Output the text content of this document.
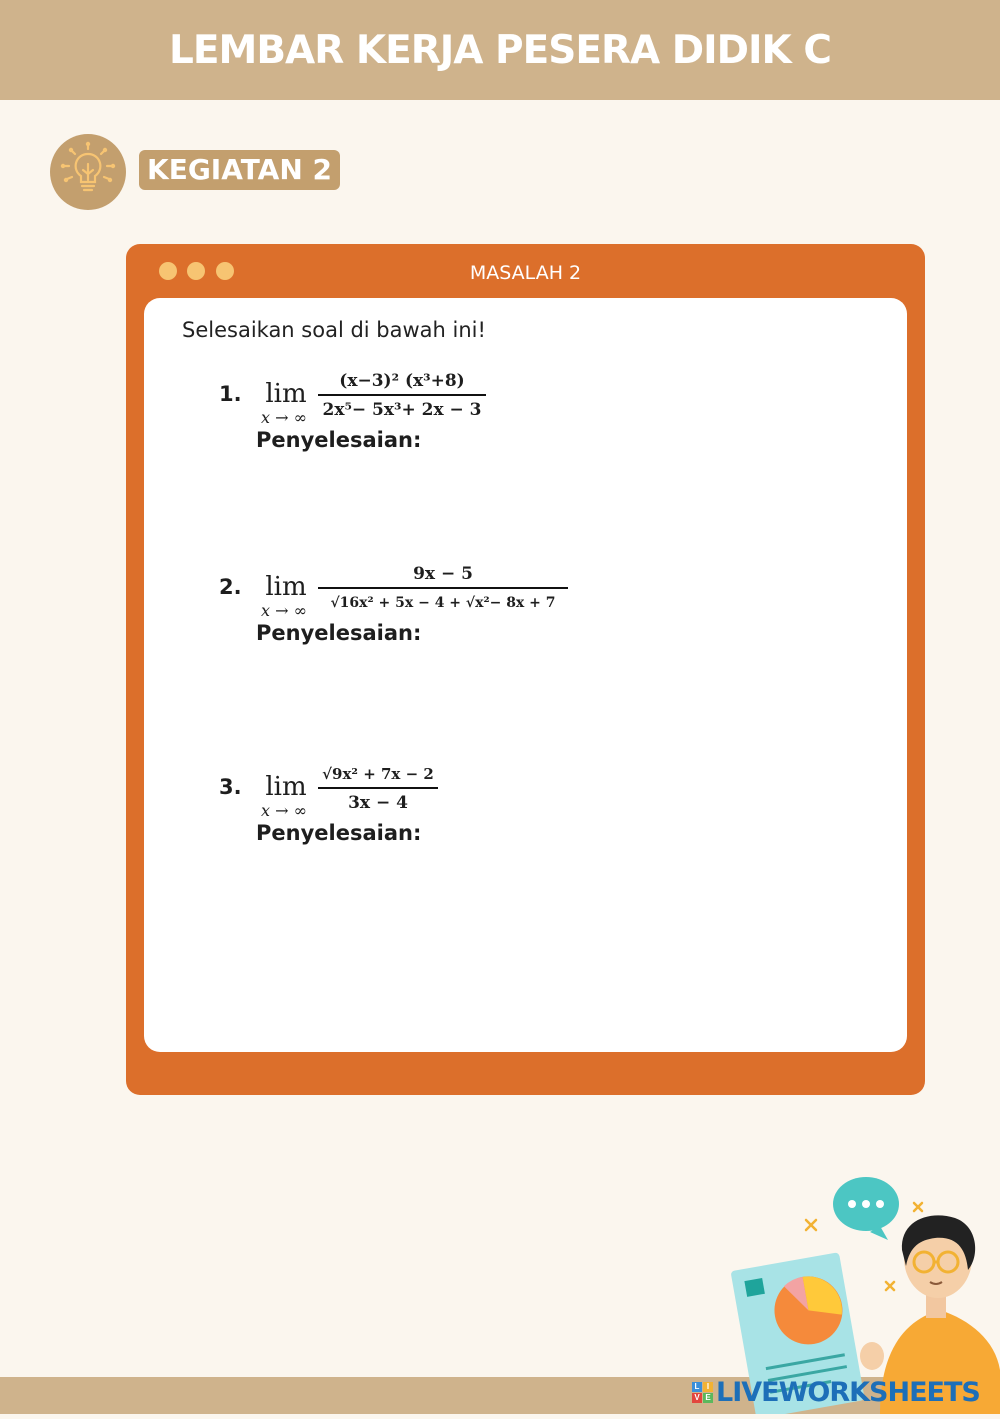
LEMBAR KERJA PESERA DIDIK C
KEGIATAN 2
MASALAH 2
Selesaikan soal di bawah ini!
1. lim
x → ∞
(x−3)² (x³+8)
2x⁵− 5x³+ 2x − 3
Penyelesaian:
2. lim
x → ∞
9x − 5
√16x² + 5x − 4 + √x²− 8x + 7
Penyelesaian:
3. lim
x → ∞
√9x² + 7x − 2
3x − 4
Penyelesaian:
L I
V E LIVEWORKSHEETS
